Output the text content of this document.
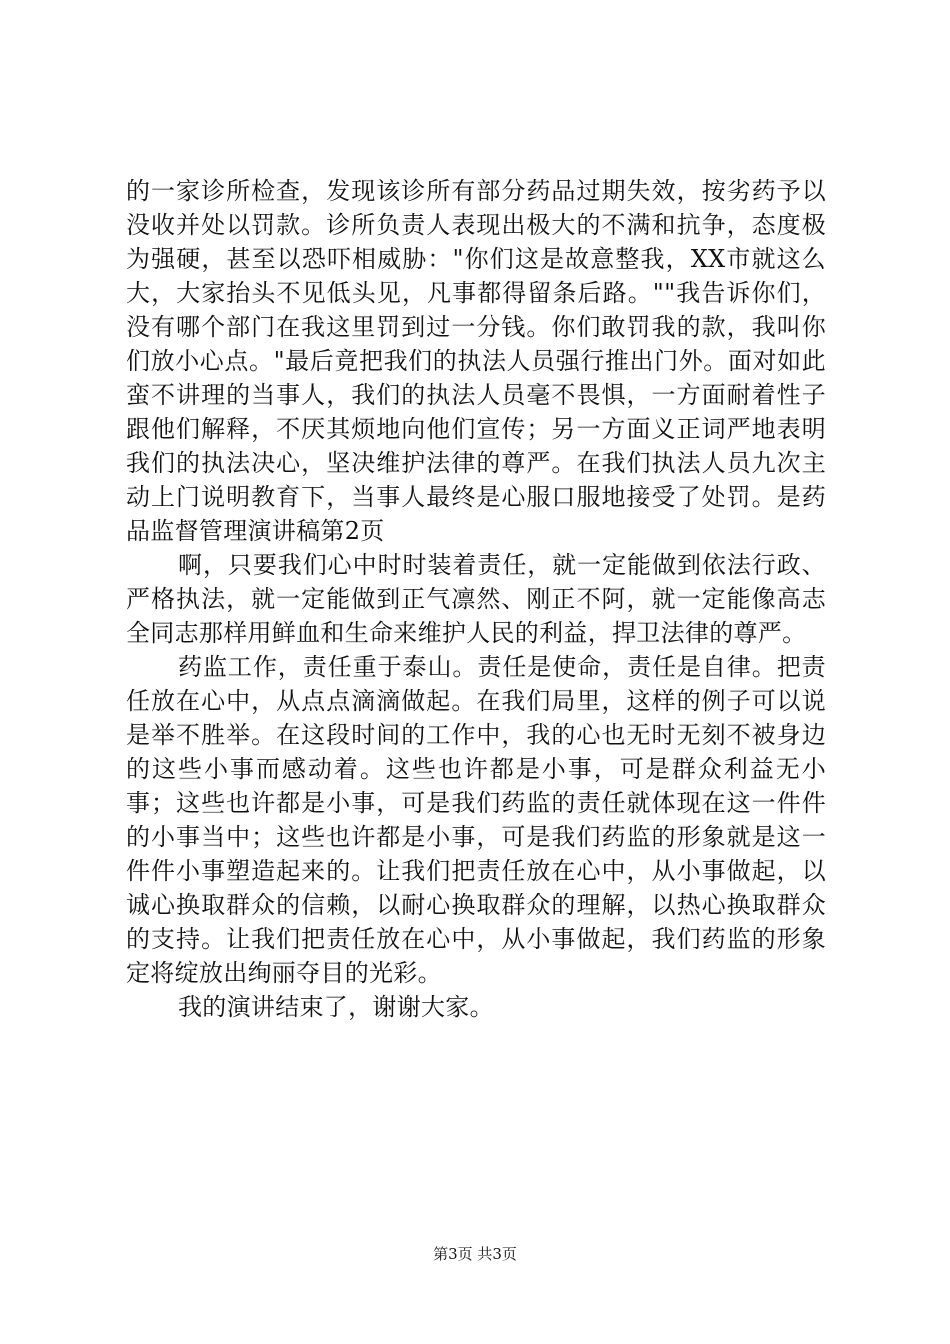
的一家诊所检查，发现该诊所有部分药品过期失效，按劣药予以没收并处以罚款。诊所负责人表现出极大的不满和抗争，态度极为强硬，甚至以恐吓相威胁："你们这是故意整我，XX市就这么大，大家抬头不见低头见，凡事都得留条后路。""我告诉你们，没有哪个部门在我这里罚到过一分钱。你们敢罚我的款，我叫你们放小心点。"最后竟把我们的执法人员强行推出门外。面对如此蛮不讲理的当事人，我们的执法人员毫不畏惧，一方面耐着性子跟他们解释，不厌其烦地向他们宣传；另一方面义正词严地表明我们的执法决心，坚决维护法律的尊严。在我们执法人员九次主动上门说明教育下，当事人最终是心服口服地接受了处罚。是药品监督管理演讲稿第2页

啊，只要我们心中时时装着责任，就一定能做到依法行政、严格执法，就一定能做到正气凛然、刚正不阿，就一定能像高志全同志那样用鲜血和生命来维护人民的利益，捍卫法律的尊严。

药监工作，责任重于泰山。责任是使命，责任是自律。把责任放在心中，从点点滴滴做起。在我们局里，这样的例子可以说是举不胜举。在这段时间的工作中，我的心也无时无刻不被身边的这些小事而感动着。这些也许都是小事，可是群众利益无小事；这些也许都是小事，可是我们药监的责任就体现在这一件件的小事当中；这些也许都是小事，可是我们药监的形象就是这一件件小事塑造起来的。让我们把责任放在心中，从小事做起，以诚心换取群众的信赖，以耐心换取群众的理解，以热心换取群众的支持。让我们把责任放在心中，从小事做起，我们药监的形象定将绽放出绚丽夺目的光彩。

我的演讲结束了，谢谢大家。

第3页 共3页
